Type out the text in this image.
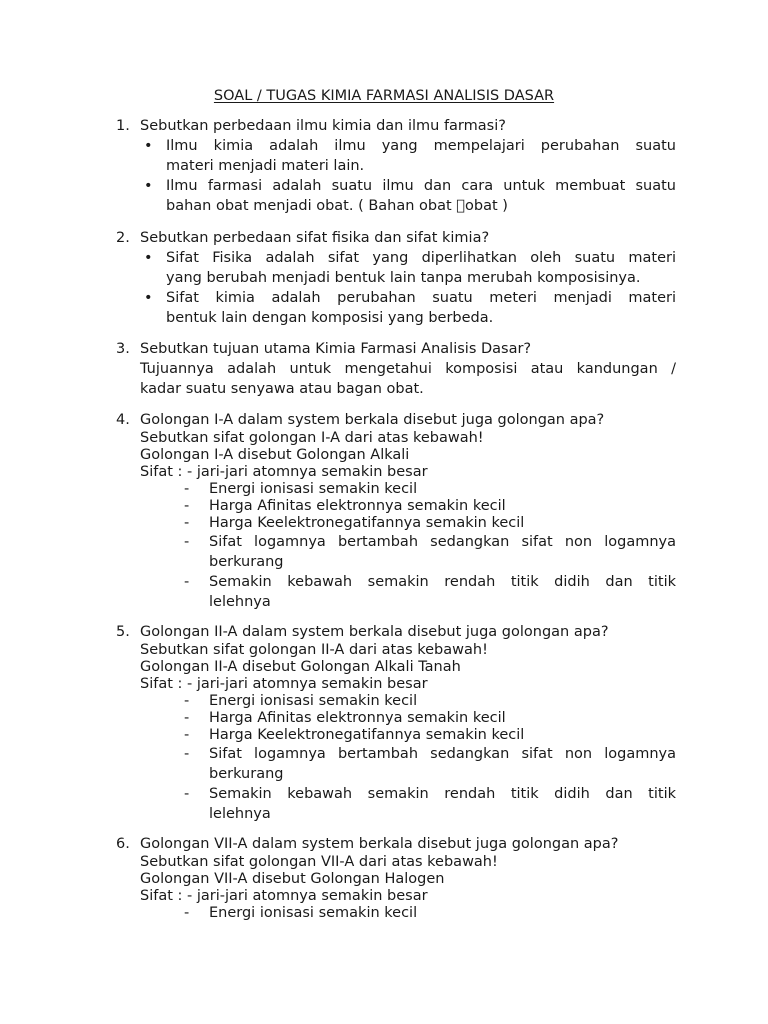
SOAL / TUGAS KIMIA FARMASI ANALISIS DASAR
1. Sebutkan perbedaan ilmu kimia dan ilmu farmasi?
• Ilmu kimia adalah ilmu yang mempelajari perubahan suatu
materi menjadi materi lain.
• Ilmu farmasi adalah suatu ilmu dan cara untuk membuat suatu
bahan obat menjadi obat. ( Bahan obat obat )
2. Sebutkan perbedaan sifat fisika dan sifat kimia?
• Sifat Fisika adalah sifat yang diperlihatkan oleh suatu materi
yang berubah menjadi bentuk lain tanpa merubah komposisinya.
• Sifat kimia adalah perubahan suatu meteri menjadi materi
bentuk lain dengan komposisi yang berbeda.
3. Sebutkan tujuan utama Kimia Farmasi Analisis Dasar?
Tujuannya adalah untuk mengetahui komposisi atau kandungan /
kadar suatu senyawa atau bagan obat.
4. Golongan I-A dalam system berkala disebut juga golongan apa?
Sebutkan sifat golongan I-A dari atas kebawah!
Golongan I-A disebut Golongan Alkali
Sifat : - jari-jari atomnya semakin besar
- Energi ionisasi semakin kecil
- Harga Afinitas elektronnya semakin kecil
- Harga Keelektronegatifannya semakin kecil
- Sifat logamnya bertambah sedangkan sifat non logamnya
berkurang
- Semakin kebawah semakin rendah titik didih dan titik
lelehnya
5. Golongan II-A dalam system berkala disebut juga golongan apa?
Sebutkan sifat golongan II-A dari atas kebawah!
Golongan II-A disebut Golongan Alkali Tanah
Sifat : - jari-jari atomnya semakin besar
- Energi ionisasi semakin kecil
- Harga Afinitas elektronnya semakin kecil
- Harga Keelektronegatifannya semakin kecil
- Sifat logamnya bertambah sedangkan sifat non logamnya
berkurang
- Semakin kebawah semakin rendah titik didih dan titik
lelehnya
6. Golongan VII-A dalam system berkala disebut juga golongan apa?
Sebutkan sifat golongan VII-A dari atas kebawah!
Golongan VII-A disebut Golongan Halogen
Sifat : - jari-jari atomnya semakin besar
- Energi ionisasi semakin kecil
